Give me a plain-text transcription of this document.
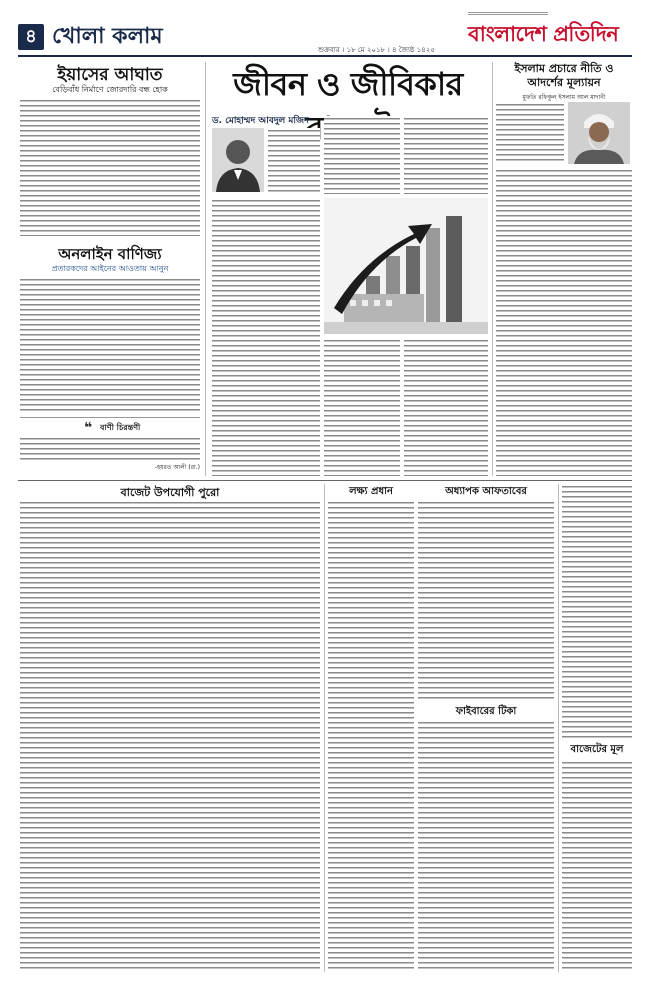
৪ খোলা কলাম
শুক্রবার । ১৮ মে ২০১৮ । ৪ জ্যৈষ্ঠ ১৪২৫
বাংলাদেশ প্রতিদিন
ইয়াসের আঘাত
বেড়িবাঁধ নির্মাণে জোরদারি বন্ধ হোক
অনলাইন বাণিজ্য
প্রতারকদের আইনের আওতায় আনুন
❝ বাণী চিরন্তণী
-হযরত আলী (রা.)
জীবন ও জীবিকার
ড. মোহাম্মদ আবদুল মজিদ
ইসলাম প্রচারে নীতি ও আদর্শের মূল্যায়ন
মুফতি রফিকুল ইসলাম আল মাদানী
বাজেট উপযোগী পুরো	লক্ষ্য প্রধান	অধ্যাপক আফতাবের
ফাইবারের টিকা
বাজেটের মূল
